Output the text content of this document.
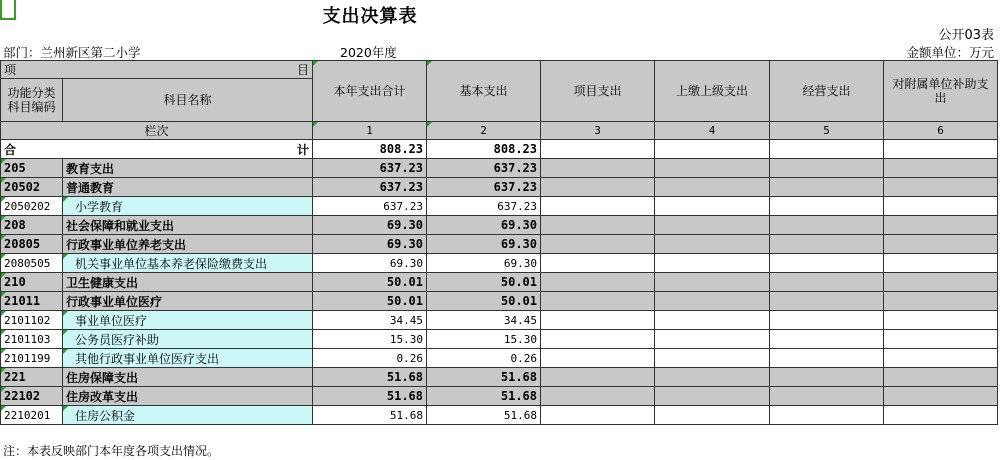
支出决算表
公开03表
部门：兰州新区第二小学	2020年度	金额单位：万元
项 目		本年支出合计	基本支出	项目支出	上缴上级支出	经营支出	对附属单位补助支出
功能分类科目编码	科目名称						
栏次		1	2	3	4	5	6
合 计		808.23	808.23				
205	教育支出	637.23	637.23				
20502	普通教育	637.23	637.23				
2050202	小学教育	637.23	637.23				
208	社会保障和就业支出	69.30	69.30				
20805	行政事业单位养老支出	69.30	69.30				
2080505	机关事业单位基本养老保险缴费支出	69.30	69.30				
210	卫生健康支出	50.01	50.01				
21011	行政事业单位医疗	50.01	50.01				
2101102	事业单位医疗	34.45	34.45				
2101103	公务员医疗补助	15.30	15.30				
2101199	其他行政事业单位医疗支出	0.26	0.26				
221	住房保障支出	51.68	51.68				
22102	住房改革支出	51.68	51.68				
2210201	住房公积金	51.68	51.68				
注：本表反映部门本年度各项支出情况。
